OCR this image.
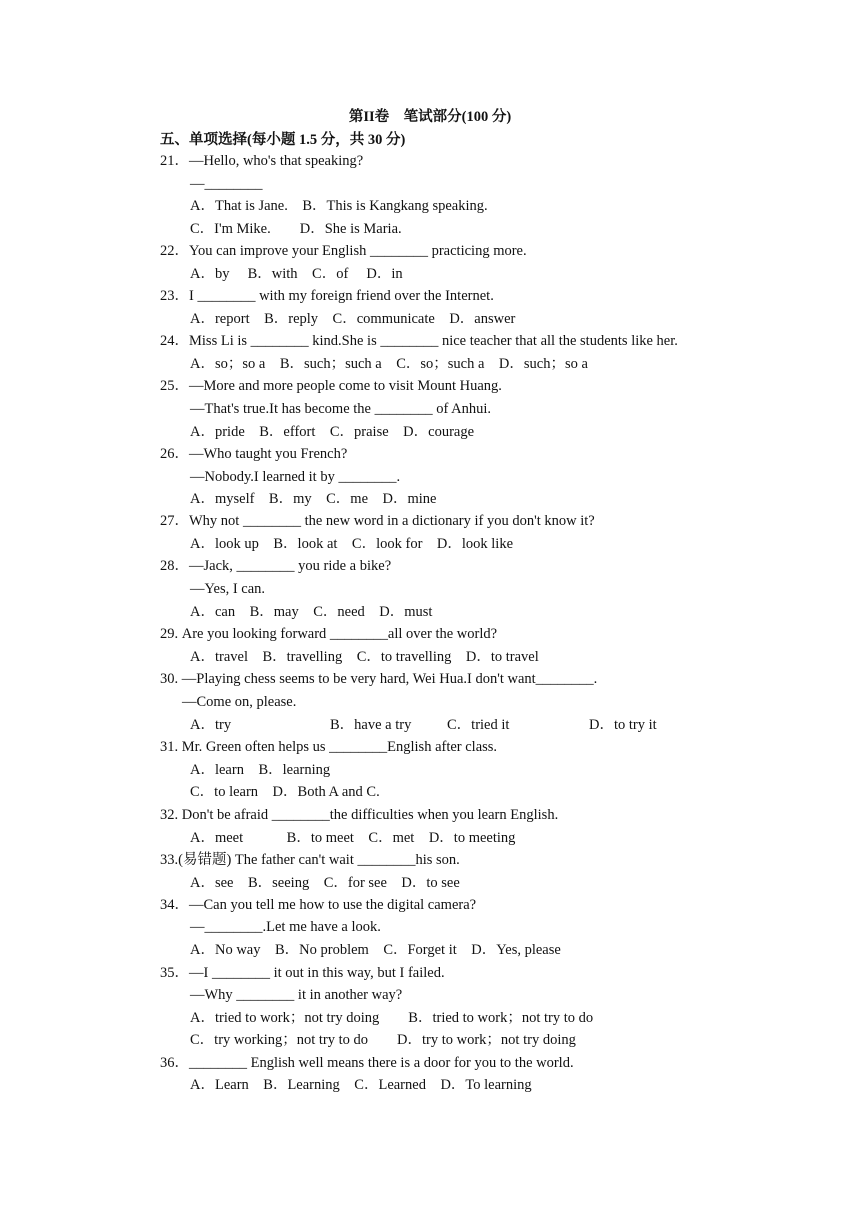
第II卷　笔试部分(100 分)
五、单项选择(每小题 1.5 分，共 30 分)
21．—Hello, who's that speaking?
—________
A．That is Jane.　B．This is Kangkang speaking.
C．I'm Mike.　　D．She is Maria.
22．You can improve your English ________ practicing more.
A．by　 B．with　C．of　 D．in
23．I ________ with my foreign friend over the Internet.
A．report　B．reply　C．communicate　D．answer
24．Miss Li is ________ kind.She is ________ nice teacher that all the students like her.
A．so；so a　B．such；such a　C．so；such a　D．such；so a
25．—More and more people come to visit Mount Huang.
—That's true.It has become the ________ of Anhui.
A．pride　B．effort　C．praise　D．courage
26．—Who taught you French?
—Nobody.I learned it by ________.
A．myself　B．my　C．me　D．mine
27．Why not ________ the new word in a dictionary if you don't know it?
A．look up　B．look at　C．look for　D．look like
28．—Jack, ________ you ride a bike?
—Yes, I can.
A．can　B．may　C．need　D．must
29. Are you looking forward ________all over the world?
A．travel　B．travelling　C．to travelling　D．to travel
30. —Playing chess seems to be very hard, Wei Hua.I don't want________.
—Come on, please.
A．try	B．have a try C．tried it	D．to try it
31. Mr. Green often helps us ________English after class.
A．learn　B．learning
C．to learn　D．Both A and C.
32. Don't be afraid ________the difficulties when you learn English.
A．meet　　　B．to meet　C．met　D．to meeting
33.(易错题) The father can't wait ________his son.
A．see　B．seeing　C．for see　D．to see
34．—Can you tell me how to use the digital camera?
—________.Let me have a look.
A．No way　B．No problem　C．Forget it　D．Yes, please
35．—I ________ it out in this way, but I failed.
—Why ________ it in another way?
A．tried to work；not try doing　　B．tried to work；not try to do
C．try working；not try to do　　D．try to work；not try doing
36．________ English well means there is a door for you to the world.
A．Learn　B．Learning　C．Learned　D．To learning
